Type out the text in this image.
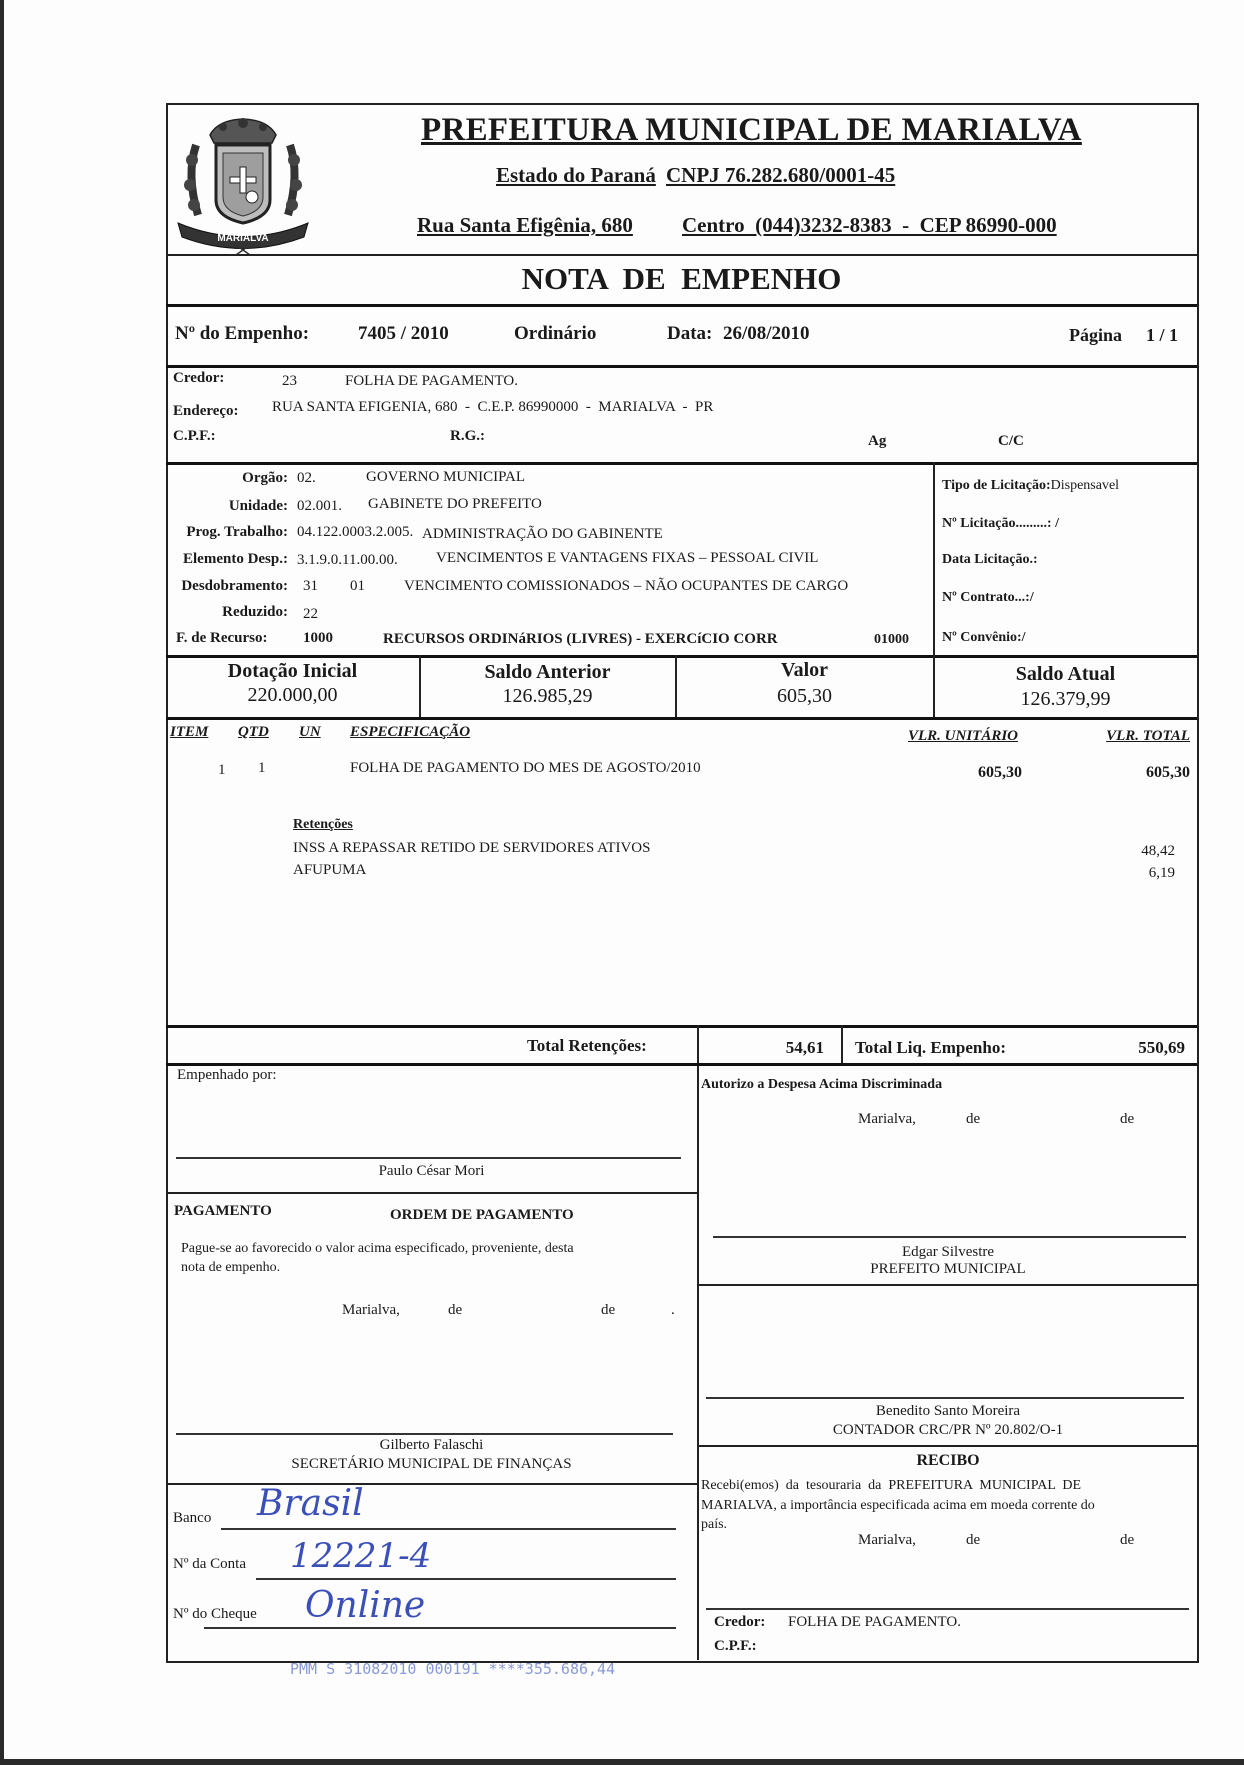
MARIALVA
PREFEITURA MUNICIPAL DE MARIALVA
Estado do Paraná CNPJ 76.282.680/0001-45
Rua Santa Efigênia, 680 Centro  (044)3232-8383  -  CEP 86990-000
NOTA  DE  EMPENHO
Nº do Empenho:	7405 / 2010	Ordinário	Data: 26/08/2010	Página 1 / 1
Credor:	23	FOLHA DE PAGAMENTO.
Endereço: RUA SANTA EFIGENIA, 680  -  C.E.P. 86990000  -  MARIALVA  -  PR
C.P.F.:	R.G.:	Ag	C/C
Orgão: 02.	GOVERNO MUNICIPAL
Unidade: 02.001. GABINETE DO PREFEITO
Prog. Trabalho: 04.122.0003.2.005. ADMINISTRAÇÃO DO GABINENTE
Elemento Desp.: 3.1.9.0.11.00.00.	VENCIMENTOS E VANTAGENS FIXAS – PESSOAL CIVIL
Desdobramento: 31 01	VENCIMENTO COMISSIONADOS – NÃO OCUPANTES DE CARGO
Reduzido: 22
F. de Recurso: 1000	RECURSOS ORDINáRIOS (LIVRES) - EXERCíCIO CORR	01000
Tipo de Licitação:Dispensavel
Nº Licitação.........: /
Data Licitação.:
Nº Contrato...:/
Nº Convênio:/
Dotação Inicial
220.000,00
Saldo Anterior
126.985,29
Valor
605,30
Saldo Atual
126.379,99
ITEM QTD UN ESPECIFICAÇÃO	VLR. UNITÁRIO	VLR. TOTAL
1 1	FOLHA DE PAGAMENTO DO MES DE AGOSTO/2010	605,30	605,30
Retenções
INSS A REPASSAR RETIDO DE SERVIDORES ATIVOS	48,42
AFUPUMA	6,19
Total Retenções:	54,61 Total Liq. Empenho:	550,69
Empenhado por:
Paulo César Mori
PAGAMENTO	ORDEM DE PAGAMENTO
Pague-se ao favorecido o valor acima especificado, proveniente, desta
nota de empenho.
Marialva,	de	de	.
Gilberto Falaschi
SECRETÁRIO MUNICIPAL DE FINANÇAS
Banco Brasil
Nº da Conta 12221-4
Nº do Cheque Online
Autorizo a Despesa Acima Discriminada
Marialva,	de	de
Edgar Silvestre
PREFEITO MUNICIPAL
Benedito Santo Moreira
CONTADOR CRC/PR Nº 20.802/O-1
RECIBO
Recebi(emos)  da  tesouraria  da  PREFEITURA  MUNICIPAL  DE
MARIALVA, a importância especificada acima em moeda corrente do
país.
Marialva,	de	de
Credor: FOLHA DE PAGAMENTO.
C.P.F.:
PMM S 31082010 000191 ****355.686,44
